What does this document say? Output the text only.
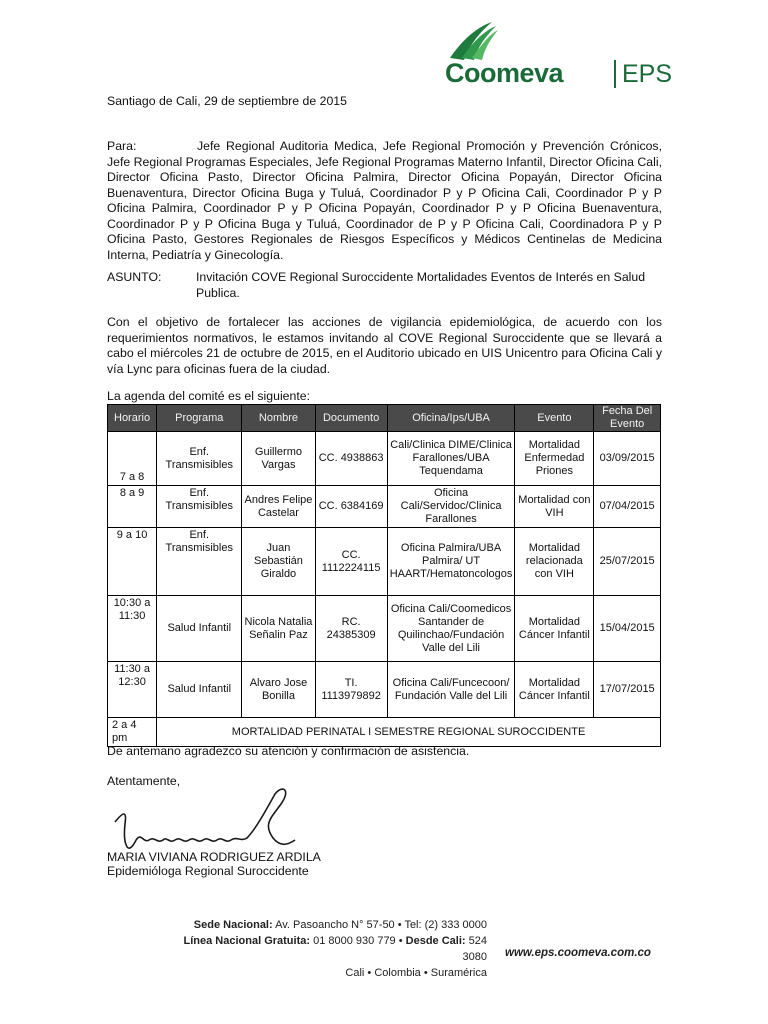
Coomeva EPS
Santiago de Cali, 29 de septiembre de 2015
Para:	Jefe Regional Auditoria Medica, Jefe Regional Promoción y Prevención Crónicos, Jefe Regional Programas Especiales, Jefe Regional Programas Materno Infantil, Director Oficina Cali, Director Oficina Pasto, Director Oficina Palmira, Director Oficina Popayán, Director Oficina Buenaventura, Director Oficina Buga y Tuluá, Coordinador P y P Oficina Cali, Coordinador P y P Oficina Palmira, Coordinador P y P Oficina Popayán, Coordinador P y P Oficina Buenaventura, Coordinador P y P Oficina Buga y Tuluá, Coordinador de P y P Oficina Cali, Coordinadora P y P Oficina Pasto, Gestores Regionales de Riesgos Específicos y Médicos Centinelas de Medicina Interna, Pediatría y Ginecología.
ASUNTO:	Invitación COVE Regional Suroccidente Mortalidades Eventos de Interés en Salud Publica.
Con el objetivo de fortalecer las acciones de vigilancia epidemiológica, de acuerdo con los requerimientos normativos, le estamos invitando al COVE Regional Suroccidente que se llevará a cabo el miércoles 21 de octubre de 2015, en el Auditorio ubicado en UIS Unicentro para Oficina Cali y vía Lync para oficinas fuera de la ciudad.
La agenda del comité es el siguiente:
Horario	Programa	Nombre	Documento	Oficina/Ips/UBA	Evento	Fecha Del Evento
7 a 8	Enf. Transmisibles	Guillermo Vargas	CC. 4938863	Cali/Clinica DIME/Clinica Farallones/UBA Tequendama	Mortalidad Enfermedad Priones	03/09/2015
8 a 9	Enf. Transmisibles	Andres Felipe Castelar	CC. 6384169	Oficina Cali/Servidoc/Clinica Farallones	Mortalidad con VIH	07/04/2015
9 a 10	Enf. Transmisibles	Juan Sebastián Giraldo	CC. 1112224115	Oficina Palmira/UBA Palmira/ UT HAART/Hematoncologos	Mortalidad relacionada con VIH	25/07/2015
10:30 a 11:30	Salud Infantil	Nicola Natalia Señalin Paz	RC. 24385309	Oficina Cali/Coomedicos Santander de Quilinchao/Fundación Valle del Lili	Mortalidad Cáncer Infantil	15/04/2015
11:30 a 12:30	Salud Infantil	Alvaro Jose Bonilla	TI. 1113979892	Oficina Cali/Funcecoon/ Fundación Valle del Lili	Mortalidad Cáncer Infantil	17/07/2015
2 a 4 pm	MORTALIDAD PERINATAL I SEMESTRE REGIONAL SUROCCIDENTE					
De antemano agradezco su atención y confirmación de asistencia.
Atentamente,
MARIA VIVIANA RODRIGUEZ ARDILA
Epidemióloga Regional Suroccidente
Sede Nacional: Av. Pasoancho N° 57-50 • Tel: (2) 333 0000
Línea Nacional Gratuita: 01 8000 930 779 • Desde Cali: 524 3080
Cali • Colombia • Suramérica
www.eps.coomeva.com.co
